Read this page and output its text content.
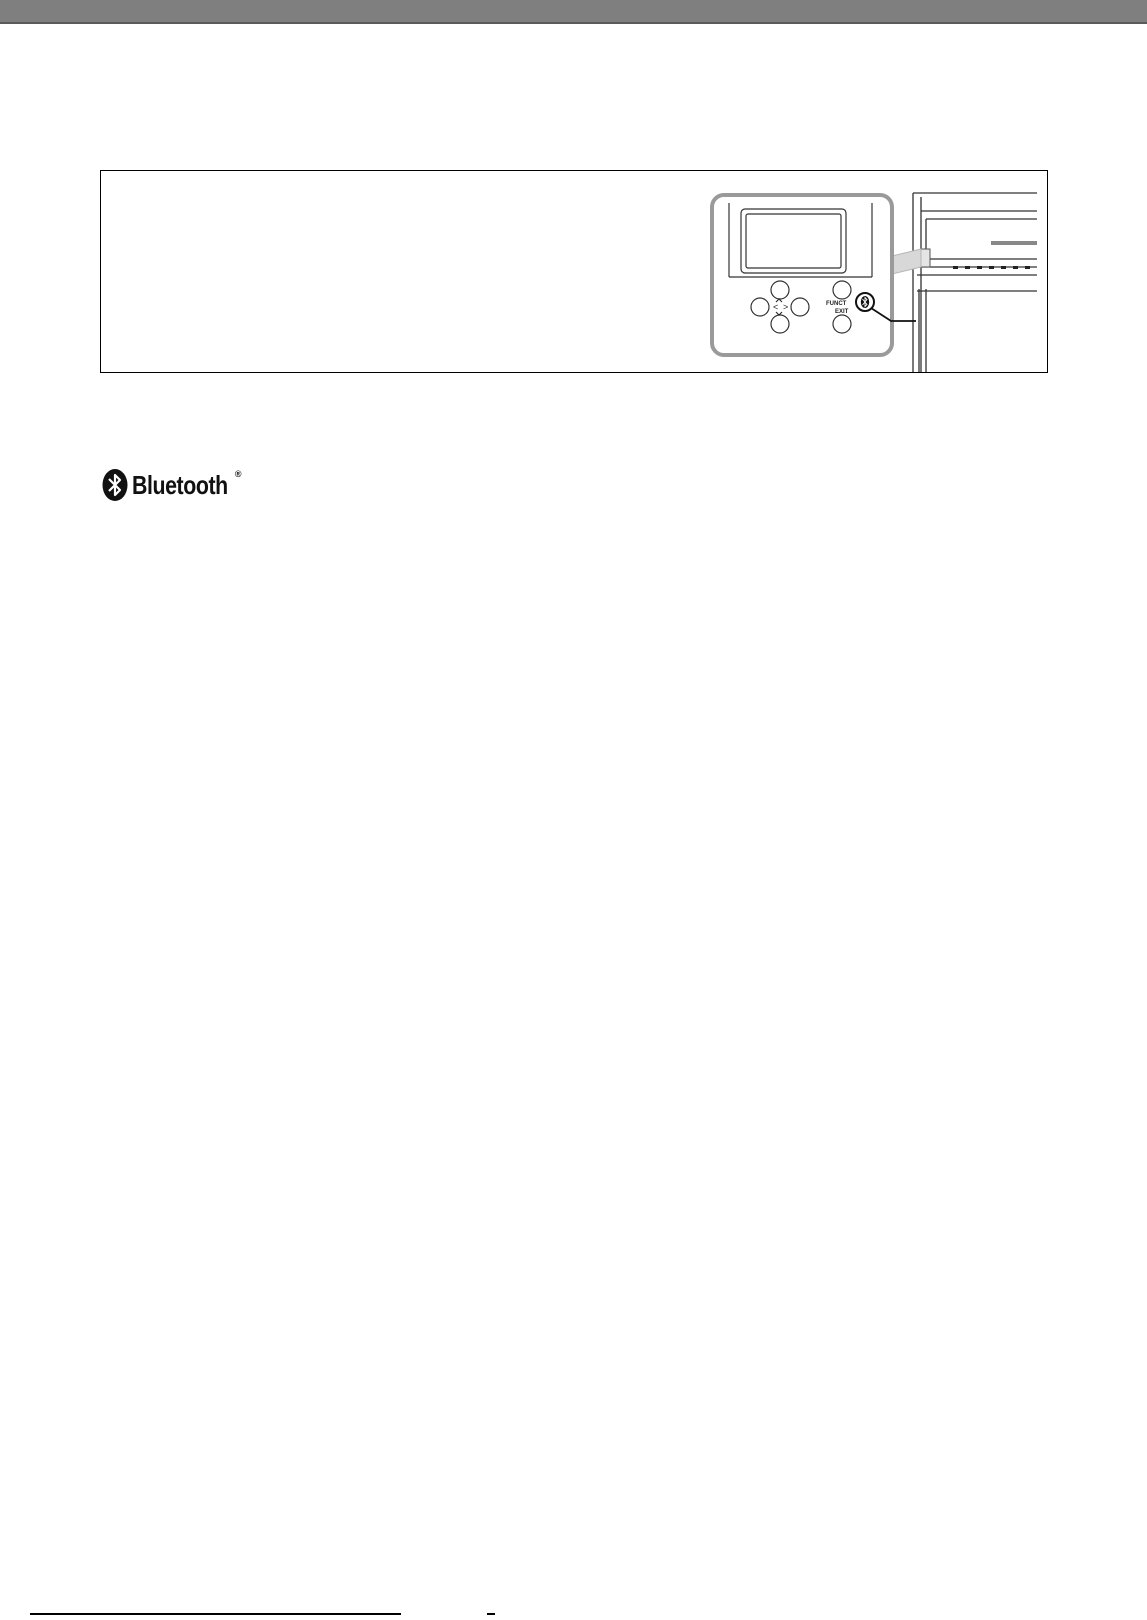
< >	FUNCT
EXIT
Bluetooth ®
